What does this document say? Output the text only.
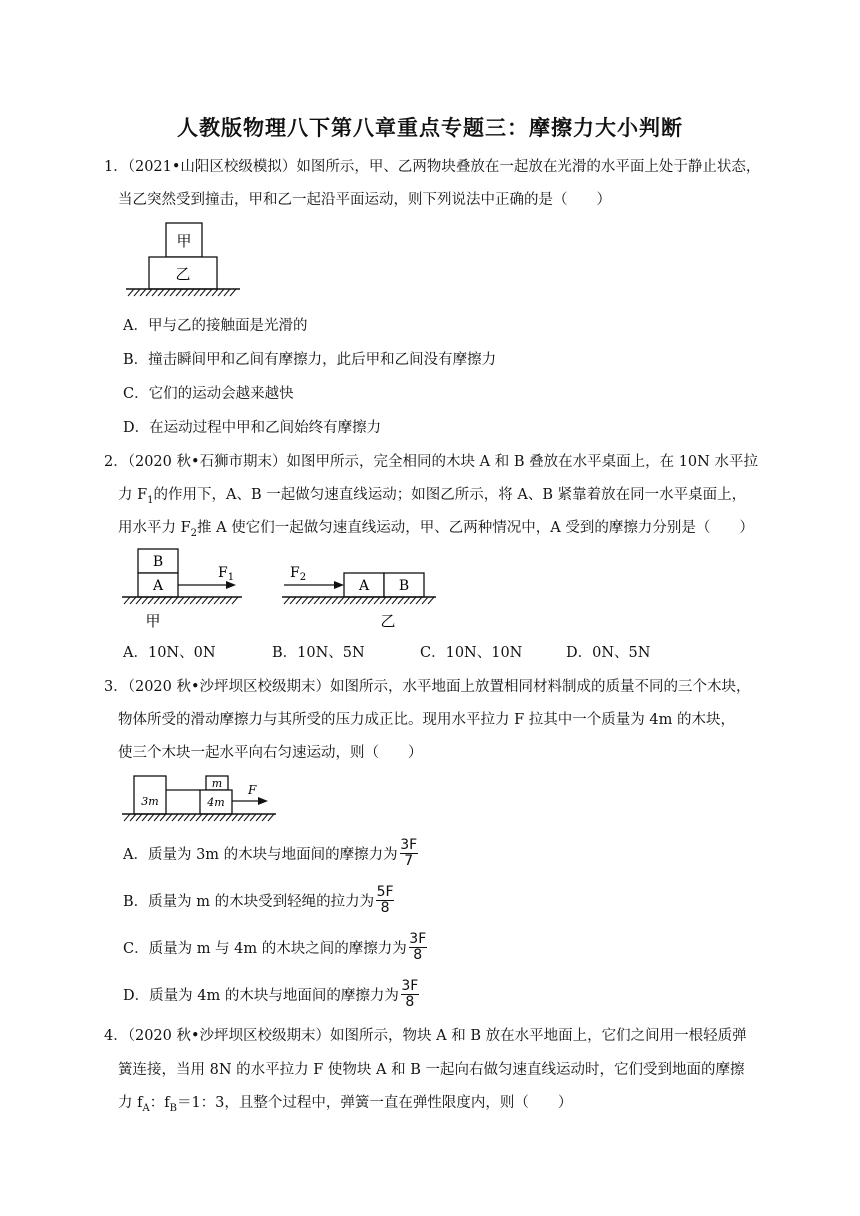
人教版物理八下第八章重点专题三：摩擦力大小判断
1．（2021•山阳区校级模拟）如图所示，甲、乙两物块叠放在一起放在光滑的水平面上处于静止状态，
当乙突然受到撞击，甲和乙一起沿平面运动，则下列说法中正确的是（　　）
甲
乙
A．甲与乙的接触面是光滑的
B．撞击瞬间甲和乙间有摩擦力，此后甲和乙间没有摩擦力
C．它们的运动会越来越快
D．在运动过程中甲和乙间始终有摩擦力
2．（2020 秋•石狮市期末）如图甲所示，完全相同的木块 A 和 B 叠放在水平桌面上，在 10N 水平拉
力 $F_1$的作用下，A、B 一起做匀速直线运动；如图乙所示，将 A、B 紧靠着放在同一水平桌面上，
用水平力 $F_2$推 A 使它们一起做匀速直线运动，甲、乙两种情况中，A 受到的摩擦力分别是（　　）
B
A
$F_1$
甲
$F_2$
A B
乙
A．10N、0N	B．10N、5N	C．10N、10N	D．0N、5N
3．（2020 秋•沙坪坝区校级期末）如图所示，水平地面上放置相同材料制成的质量不同的三个木块，
物体所受的滑动摩擦力与其所受的压力成正比。现用水平拉力 F 拉其中一个质量为 4m 的木块，
使三个木块一起水平向右匀速运动，则（　　）
3m
m
4m
F
A．质量为 3m 的木块与地面间的摩擦力为 $\frac{3F}{7}$
B．质量为 m 的木块受到轻绳的拉力为 $\frac{5F}{8}$
C．质量为 m 与 4m 的木块之间的摩擦力为 $\frac{3F}{8}$
D．质量为 4m 的木块与地面间的摩擦力为 $\frac{3F}{8}$
4．（2020 秋•沙坪坝区校级期末）如图所示，物块 A 和 B 放在水平地面上，它们之间用一根轻质弹
簧连接，当用 8N 的水平拉力 F 使物块 A 和 B 一起向右做匀速直线运动时，它们受到地面的摩擦
力 $f_A$：$f_B=1$：3，且整个过程中，弹簧一直在弹性限度内，则（　　）
